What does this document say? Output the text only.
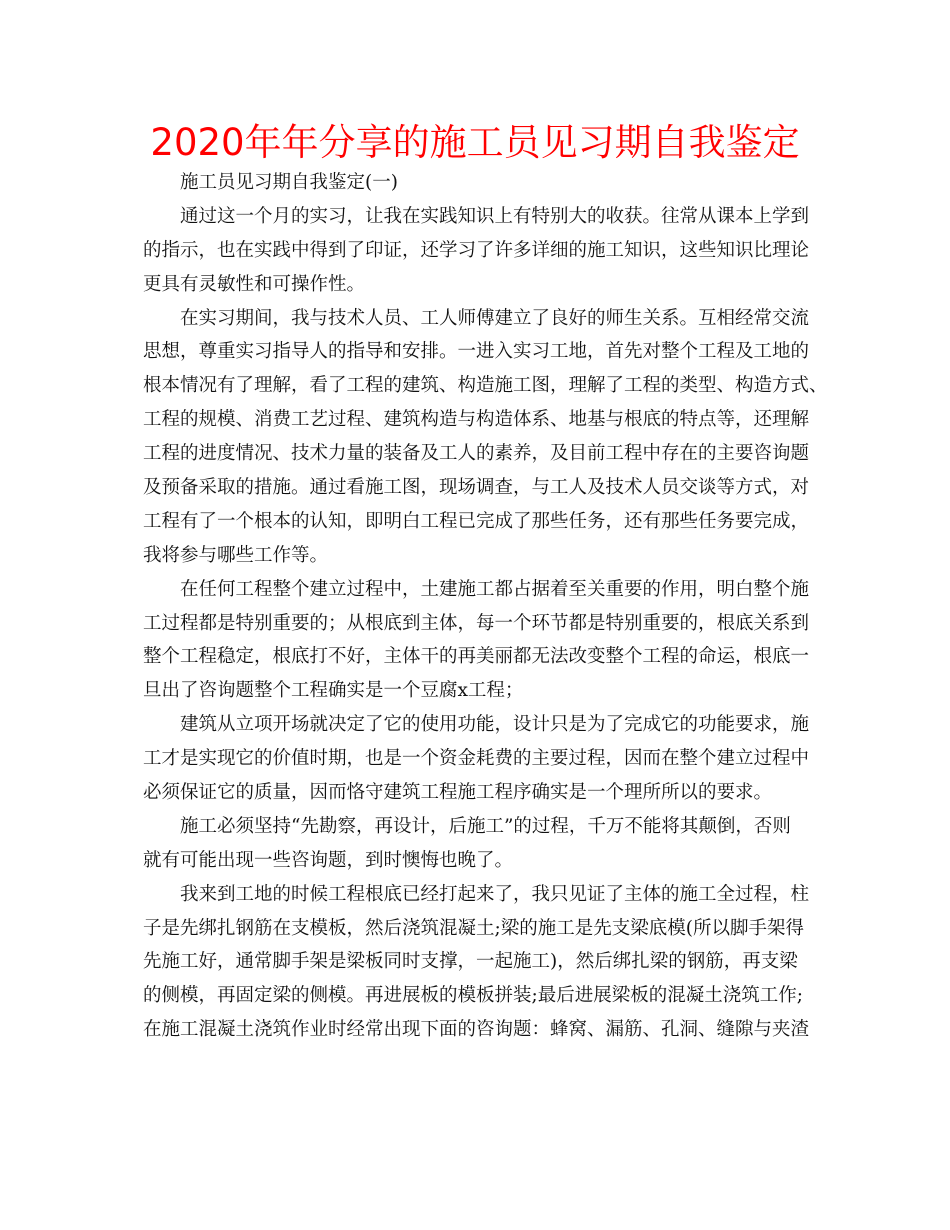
2020年年分享的施工员见习期自我鉴定
施工员见习期自我鉴定(一)
通过这一个月的实习，让我在实践知识上有特别大的收获。往常从课本上学到
的指示，也在实践中得到了印证，还学习了许多详细的施工知识，这些知识比理论
更具有灵敏性和可操作性。
在实习期间，我与技术人员、工人师傅建立了良好的师生关系。互相经常交流
思想，尊重实习指导人的指导和安排。一进入实习工地，首先对整个工程及工地的
根本情况有了理解，看了工程的建筑、构造施工图，理解了工程的类型、构造方式、
工程的规模、消费工艺过程、建筑构造与构造体系、地基与根底的特点等，还理解
工程的进度情况、技术力量的装备及工人的素养，及目前工程中存在的主要咨询题
及预备采取的措施。通过看施工图，现场调查，与工人及技术人员交谈等方式，对
工程有了一个根本的认知，即明白工程已完成了那些任务，还有那些任务要完成，
我将参与哪些工作等。
在任何工程整个建立过程中，土建施工都占据着至关重要的作用，明白整个施
工过程都是特别重要的；从根底到主体，每一个环节都是特别重要的，根底关系到
整个工程稳定，根底打不好，主体干的再美丽都无法改变整个工程的命运，根底一
旦出了咨询题整个工程确实是一个豆腐x工程；
建筑从立项开场就决定了它的使用功能，设计只是为了完成它的功能要求，施
工才是实现它的价值时期，也是一个资金耗费的主要过程，因而在整个建立过程中
必须保证它的质量，因而恪守建筑工程施工程序确实是一个理所所以的要求。
施工必须坚持“先勘察，再设计，后施工”的过程，千万不能将其颠倒，否则
就有可能出现一些咨询题，到时懊悔也晚了。
我来到工地的时候工程根底已经打起来了，我只见证了主体的施工全过程，柱
子是先绑扎钢筋在支模板，然后浇筑混凝土;梁的施工是先支梁底模(所以脚手架得
先施工好，通常脚手架是梁板同时支撑，一起施工)，然后绑扎梁的钢筋，再支梁
的侧模，再固定梁的侧模。再进展板的模板拼装;最后进展梁板的混凝土浇筑工作;
在施工混凝土浇筑作业时经常出现下面的咨询题：蜂窝、漏筋、孔洞、缝隙与夹渣
